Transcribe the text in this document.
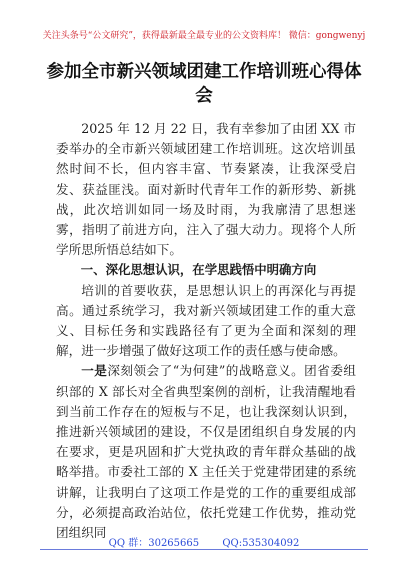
关注头条号“公文研究”，获得最新最全最专业的公文资料库！ 微信：gongwenyj
参加全市新兴领域团建工作培训班心得体会

2025 年 12 月 22 日，我有幸参加了由团 XX 市委举办的全市新兴领域团建工作培训班。这次培训虽然时间不长，但内容丰富、节奏紧凑，让我深受启发、获益匪浅。面对新时代青年工作的新形势、新挑战，此次培训如同一场及时雨，为我廓清了思想迷雾，指明了前进方向，注入了强大动力。现将个人所学所思所悟总结如下。

一、深化思想认识，在学思践悟中明确方向

培训的首要收获，是思想认识上的再深化与再提高。通过系统学习，我对新兴领域团建工作的重大意义、目标任务和实践路径有了更为全面和深刻的理解，进一步增强了做好这项工作的责任感与使命感。

一是深刻领会了“为何建”的战略意义。团省委组织部的 X 部长对全省典型案例的剖析，让我清醒地看到当前工作存在的短板与不足，也让我深刻认识到，推进新兴领域团的建设，不仅是团组织自身发展的内在要求，更是巩固和扩大党执政的青年群众基础的战略举措。市委社工部的 X 主任关于党建带团建的系统讲解，让我明白了这项工作是党的工作的重要组成部分，必须提高政治站位，依托党建工作优势，推动党团组织同

QQ 群：30265665 QQ:535304092
